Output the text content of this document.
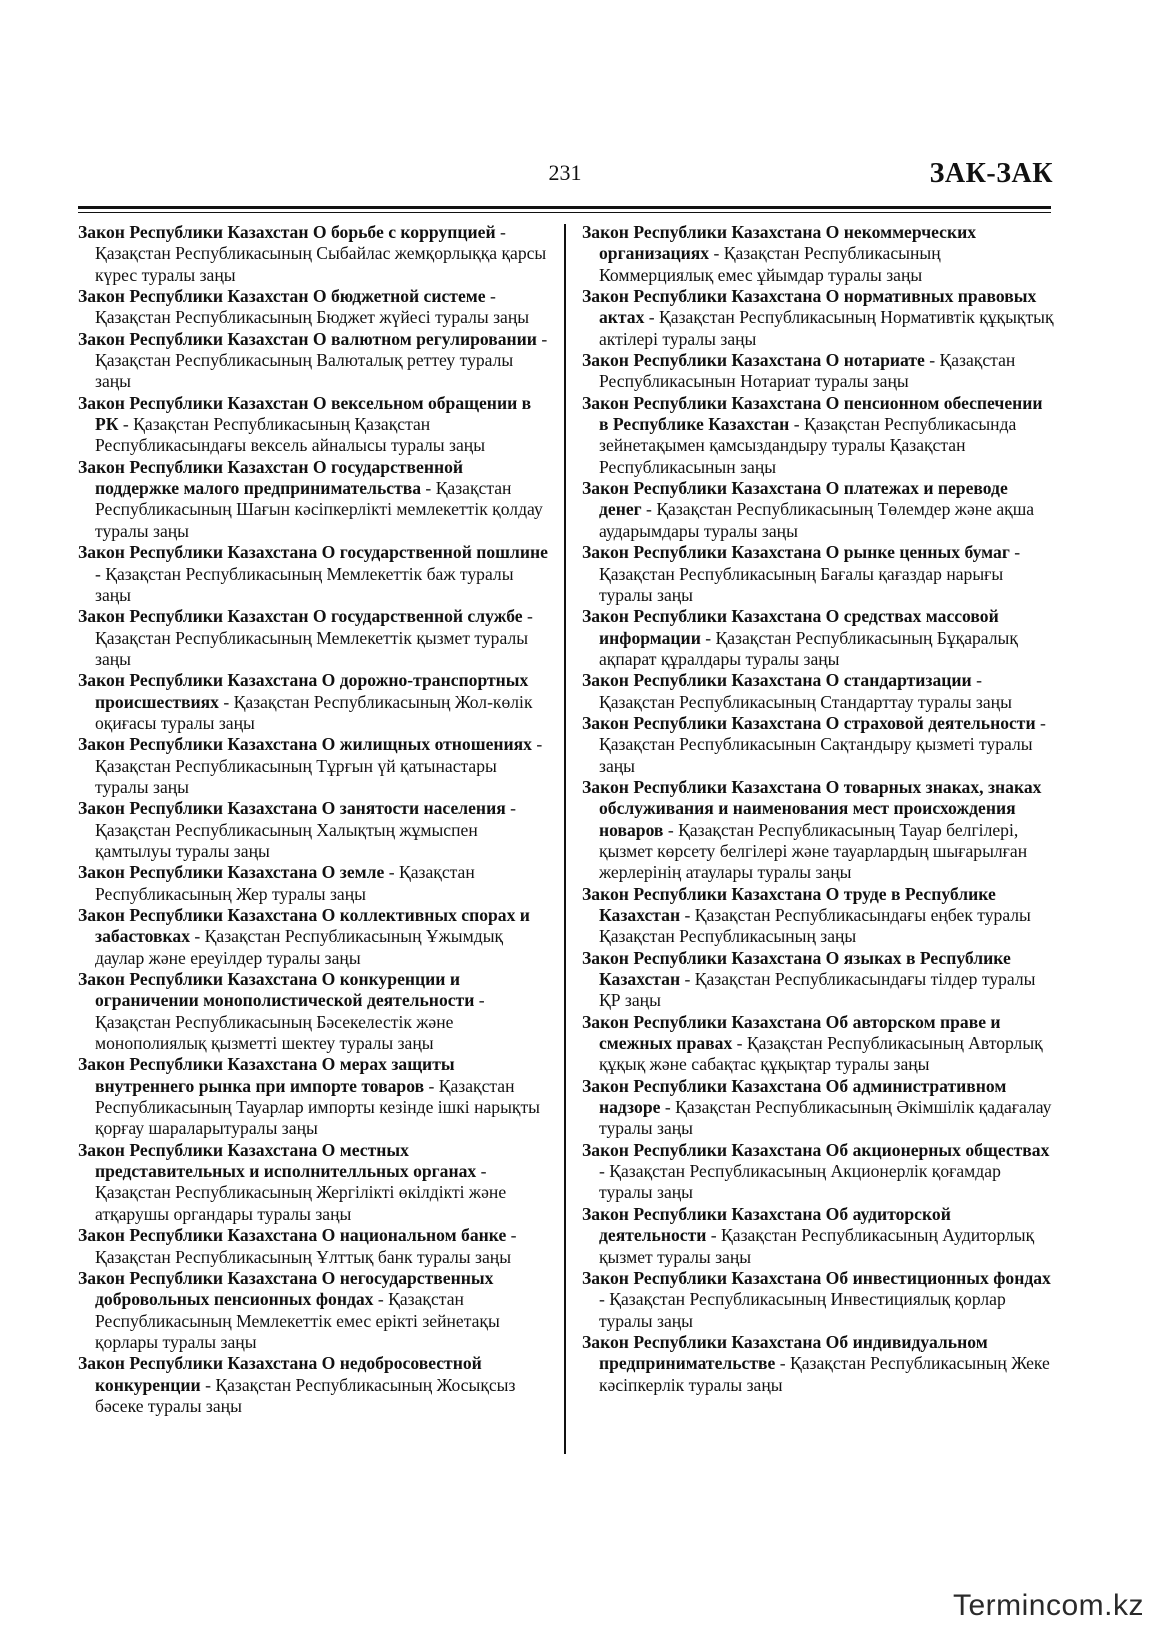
231	ЗАК-ЗАК

Закон Республики Казахстан О борьбе с коррупцией - Қазақстан Республикасының Сыбайлас жемқорлыққа қарсы күрес туралы заңы

Закон Республики Казахстан О бюджетной системе - Қазақстан Республикасының Бюджет жүйесі туралы заңы

Закон Республики Казахстан О валютном регулировании - Қазақстан Республикасының Валюталық реттеу туралы заңы

Закон Республики Казахстан О вексельном обращении в РК - Қазақстан Республикасының Қазақстан Республикасындағы вексель айналысы туралы заңы

Закон Республики Казахстан О государственной поддержке малого предпринимательства - Қазақстан Республикасының Шағын кәсіпкерлікті мемлекеттік қолдау туралы заңы

Закон Республики Казахстана О государственной пошлине - Қазақстан Республикасының Мемлекеттік баж туралы заңы

Закон Республики Казахстан О государственной службе - Қазақстан Республикасының Мемлекеттік қызмет туралы заңы

Закон Республики Казахстана О дорожно-транспортных происшествиях - Қазақстан Республикасының Жол-көлік оқиғасы туралы заңы

Закон Республики Казахстана О жилищных отношениях - Қазақстан Республикасының Тұрғын үй қатынастары туралы заңы

Закон Республики Казахстана О занятости населения - Қазақстан Республикасының Халықтың жұмыспен қамтылуы туралы заңы

Закон Республики Казахстана О земле - Қазақстан Республикасының Жер туралы заңы

Закон Республики Казахстана О коллективных спорах и забастовках - Қазақстан Республикасының Ұжымдық даулар және ереуілдер туралы заңы

Закон Республики Казахстана О конкуренции и ограничении монополистической деятельности - Қазақстан Республикасының Бәсекелестік және монополиялық қызметті шектеу туралы заңы

Закон Республики Казахстана О мерах защиты внутреннего рынка при импорте товаров - Қазақстан Республикасының Тауарлар импорты кезінде ішкі нарықты қорғау шараларытуралы заңы

Закон Республики Казахстана О местных представительных и исполнителльных органах - Қазақстан Республикасының Жергілікті өкілдікті және атқарушы органдары туралы заңы

Закон Республики Казахстана О национальном банке - Қазақстан Республикасының Ұлттық банк туралы заңы

Закон Республики Казахстана О негосударственных добровольных пенсионных фондах - Қазақстан Республикасының Мемлекеттік емес ерікті зейнетақы қорлары туралы заңы

Закон Республики Казахстана О недобросовестной конкуренции - Қазақстан Республикасының Жосықсыз бәсеке туралы заңы

Закон Республики Казахстана О некоммерческих организациях - Қазақстан Республикасының Коммерциялық емес ұйымдар туралы заңы

Закон Республики Казахстана О нормативных правовых актах - Қазақстан Республикасының Нормативтік құқықтық актілері туралы заңы

Закон Республики Казахстана О нотариате - Қазақстан Республикасынын Нотариат туралы заңы

Закон Республики Казахстана О пенсионном обеспечении в Республике Казахстан - Қазақстан Республикасында зейнетақымен қамсыздандыру туралы Қазақстан Республикасынын заңы

Закон Республики Казахстана О платежах и переводе денег - Қазақстан Республикасының Төлемдер және ақша аударымдары туралы заңы

Закон Республики Казахстана О рынке ценных бумаг - Қазақстан Республикасының Бағалы қағаздар нарығы туралы заңы

Закон Республики Казахстана О средствах массовой информации - Қазақстан Республикасының Бұқаралық ақпарат құралдары туралы заңы

Закон Республики Казахстана О стандартизации - Қазақстан Республикасының Стандарттау туралы заңы

Закон Республики Казахстана О страховой деятельности - Қазақстан Республикасынын Сақтандыру қызметі туралы заңы

Закон Республики Казахстана О товарных знаках, знаках обслуживания и наименования мест происхождения новаров - Қазақстан Республикасының Тауар белгілері, қызмет көрсету белгілері және тауарлардың шығарылған жерлерінің атаулары туралы заңы

Закон Республики Казахстана О труде в Республике Казахстан - Қазақстан Республикасындағы еңбек туралы Қазақстан Республикасының заңы

Закон Республики Казахстана О языках в Республике Казахстан - Қазақстан Республикасындағы тілдер туралы ҚР заңы

Закон Республики Казахстана Об авторском праве и смежных правах - Қазақстан Республикасының Авторлық құқық және сабақтас құқықтар туралы заңы

Закон Республики Казахстана Об административном надзоре - Қазақстан Республикасының Әкімшілік қадағалау туралы заңы

Закон Республики Казахстана Об акционерных обществах - Қазақстан Республикасының Акционерлік қоғамдар туралы заңы

Закон Республики Казахстана Об аудиторской деятельности - Қазақстан Республикасының Аудиторлық қызмет туралы заңы

Закон Республики Казахстана Об инвестиционных фондах - Қазақстан Республикасының Инвестициялық қорлар туралы заңы

Закон Республики Казахстана Об индивидуальном предпринимательстве - Қазақстан Республикасының Жеке кәсіпкерлік туралы заңы

Termincom.kz
